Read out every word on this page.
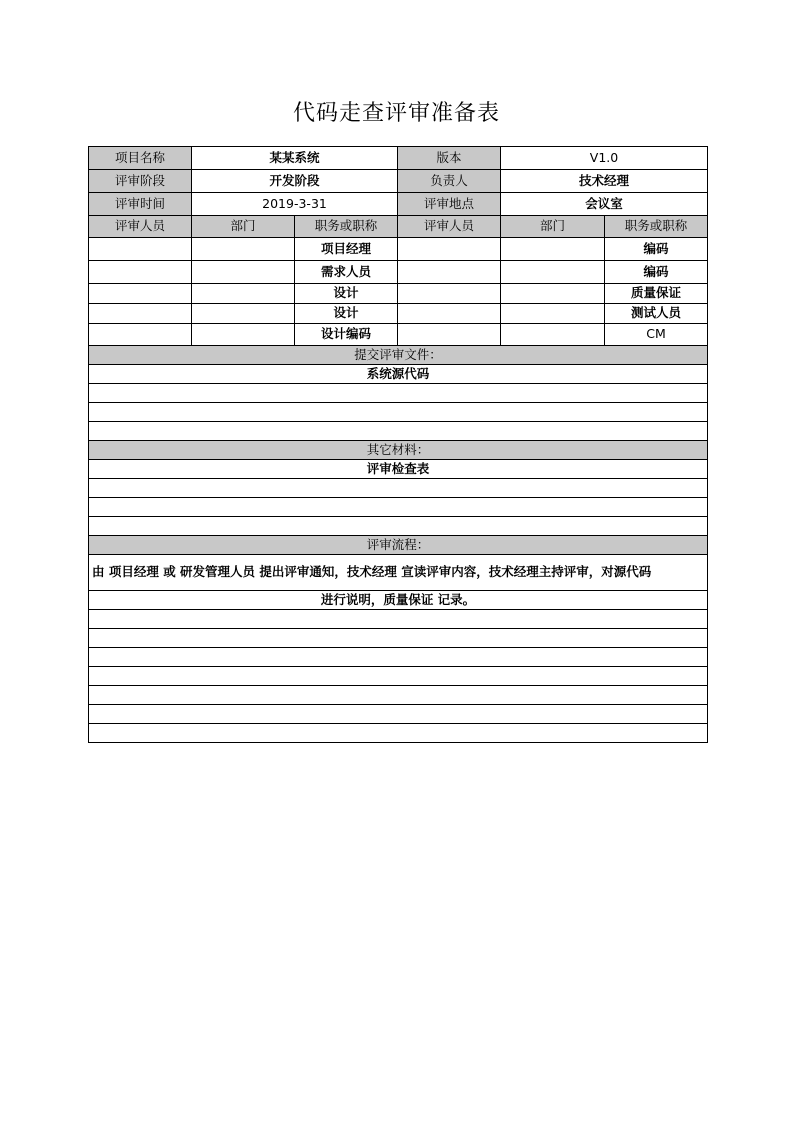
代码走查评审准备表
项目名称	某某系统		版本	V1.0	
评审阶段	开发阶段		负责人	技术经理	
评审时间	2019-3-31		评审地点	会议室	
评审人员	部门	职务或职称	评审人员	部门	职务或职称
		项目经理			编码
		需求人员			编码
		设计			质量保证
		设计			测试人员
		设计编码			CM
提交评审文件：					
系统源代码					

其它材料：					
评审检查表					

评审流程：					
由 项目经理 或 研发管理人员 提出评审通知，技术经理 宣读评审内容，技术经理主持评审，对源代码					
进行说明，质量保证 记录。					
